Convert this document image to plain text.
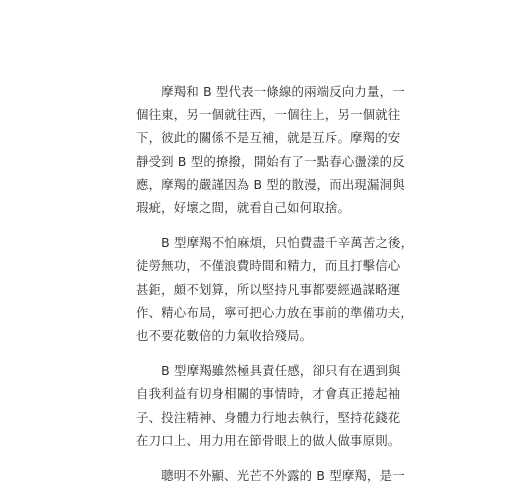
　　摩羯和 B 型代表一條線的兩端反向力量，一
個往東，另一個就往西，一個往上，另一個就往
下，彼此的關係不是互補，就是互斥。摩羯的安
靜受到 B 型的撩撥，開始有了一點春心盪漾的反
應，摩羯的嚴謹因為 B 型的散漫，而出現漏洞與
瑕疵，好壞之間，就看自己如何取捨。

　　B 型摩羯不怕麻煩，只怕費盡千辛萬苦之後，
徒勞無功，不僅浪費時間和精力，而且打擊信心
甚鉅，頗不划算，所以堅持凡事都要經過謀略運
作、精心布局，寧可把心力放在事前的準備功夫，
也不要花數倍的力氣收拾殘局。

　　B 型摩羯雖然極具責任感，卻只有在遇到與
自我利益有切身相關的事情時，才會真正捲起袖
子、投注精神、身體力行地去執行，堅持花錢花
在刀口上、用力用在節骨眼上的做人做事原則。

　　聰明不外顯、光芒不外露的 B 型摩羯，是一
